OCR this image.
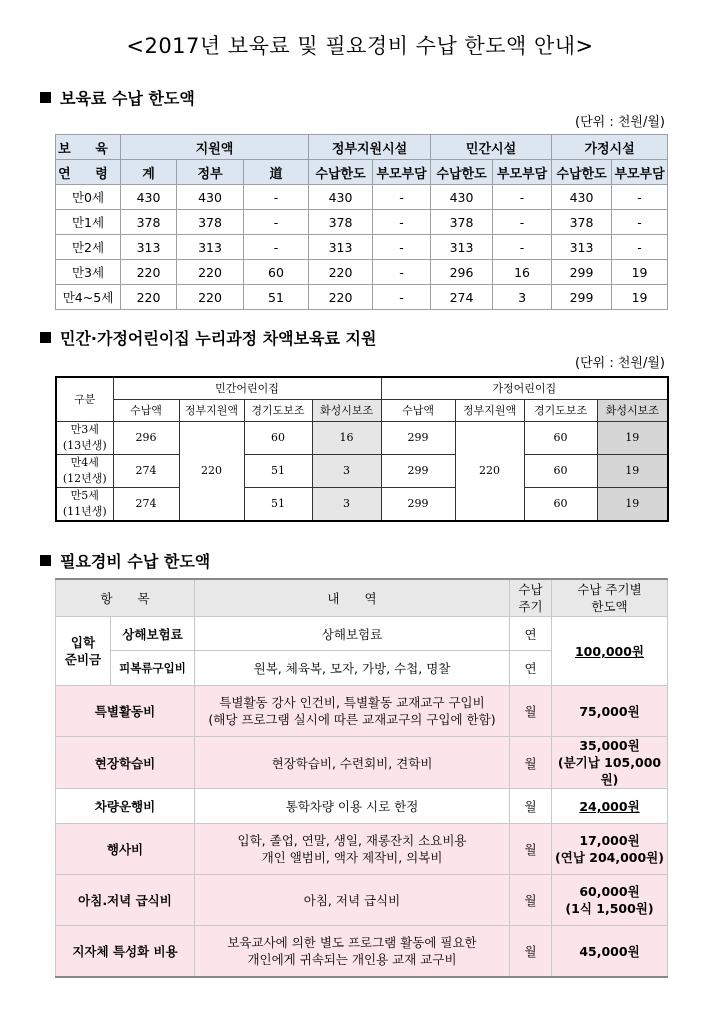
<2017년 보육료 및 필요경비 수납 한도액 안내>
보육료 수납 한도액
(단위 : 천원/월)
보 육	지원액			정부지원시설		민간시설		가정시설	
연 령	계	정부	道	수납한도	부모부담	수납한도	부모부담	수납한도	부모부담
만0세	430	430	-	430	-	430	-	430	-
만1세	378	378	-	378	-	378	-	378	-
만2세	313	313	-	313	-	313	-	313	-
만3세	220	220	60	220	-	296	16	299	19
만4~5세	220	220	51	220	-	274	3	299	19
민간·가정어린이집 누리과정 차액보육료 지원
(단위 : 천원/월)
구분	민간어린이집				가정어린이집			
	수납액	정부지원액	경기도보조	화성시보조	수납액	정부지원액	경기도보조	화성시보조
만3세
(13년생)	296	220	60	16	299	220	60	19
만4세
(12년생)	274		51	3	299		60	19
만5세
(11년생)	274		51	3	299		60	19
필요경비 수납 한도액
항　　목		내　　역	수납
주기	수납 주기별
한도액
입학
준비금	상해보험료	상해보험료	연	100,000원
	피복류구입비	원복, 체육복, 모자, 가방, 수첩, 명찰	연	
특별활동비		특별활동 강사 인건비, 특별활동 교재교구 구입비
(해당 프로그램 실시에 따른 교재교구의 구입에 한함)	월	75,000원
현장학습비		현장학습비, 수련회비, 견학비	월	35,000원
(분기납 105,000원)
차량운행비		통학차량 이용 시로 한정	월	24,000원
행사비		입학, 졸업, 연말, 생일, 재롱잔치 소요비용
개인 앨범비, 액자 제작비, 의복비	월	17,000원
(연납 204,000원)
아침.저녁 급식비		아침, 저녁 급식비	월	60,000원
(1식 1,500원)
지자체 특성화 비용		보육교사에 의한 별도 프로그램 활동에 필요한
개인에게 귀속되는 개인용 교재 교구비	월	45,000원
